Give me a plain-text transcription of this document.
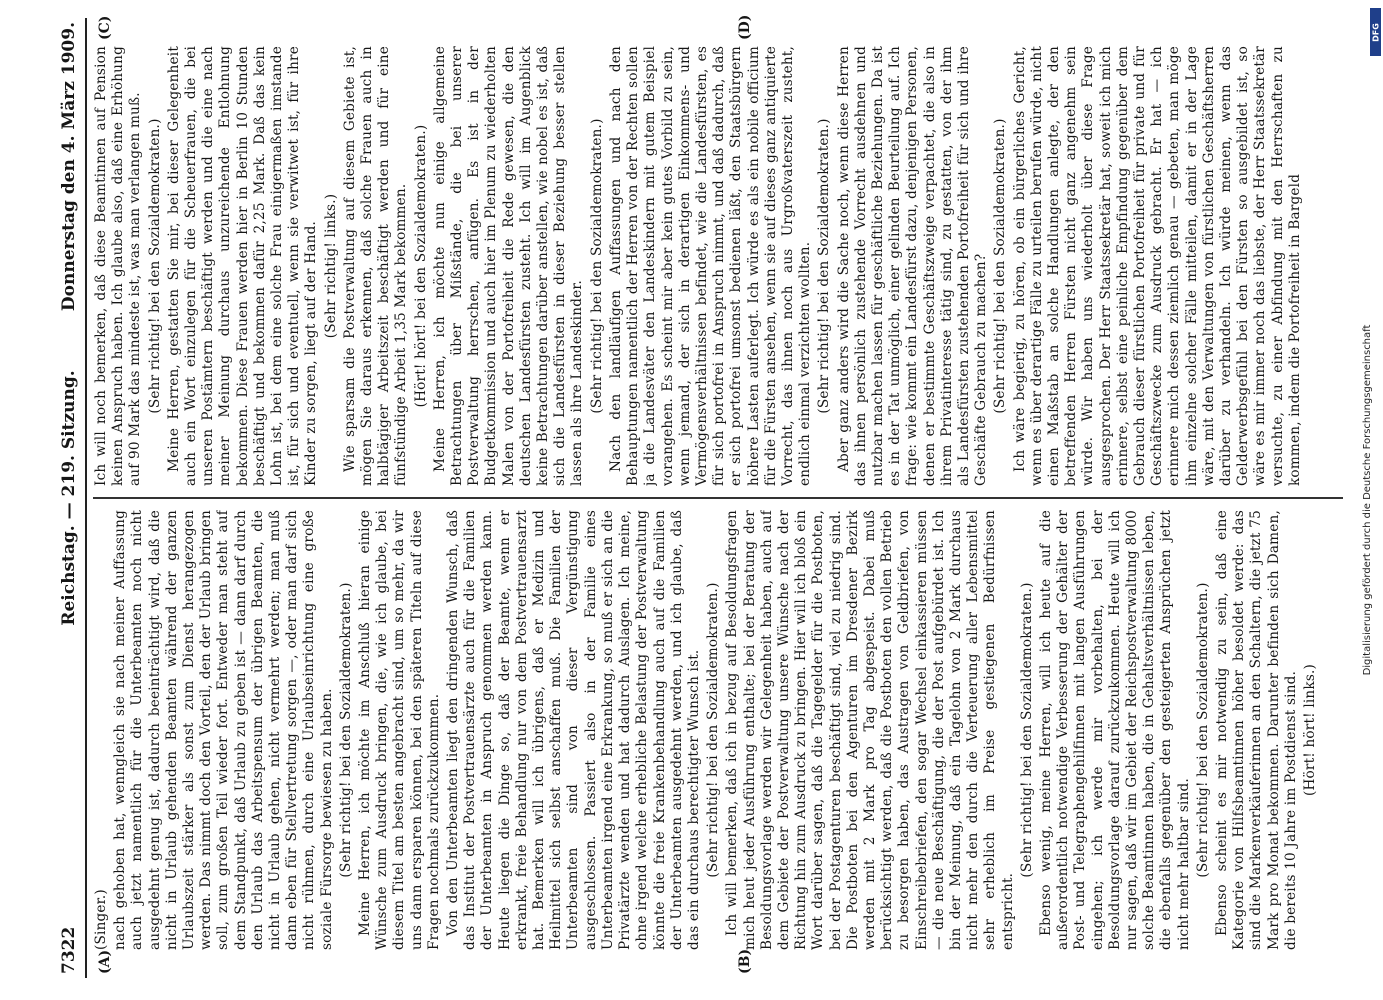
7322
Reichstag. — 219. Sitzung.
Donnerstag den 4. März 1909.
(A)	(B)
(C)	(D)

(Singer.) nach gehoben hat, wenngleich sie nach meiner Auffassung auch jetzt namentlich für die Unterbeamten noch nicht ausgedehnt genug ist, dadurch beeinträchtigt wird, daß die nicht in Urlaub gehenden Beamten während der ganzen Urlaubszeit stärker als sonst zum Dienst herangezogen werden. Das nimmt doch den Vorteil, den der Urlaub bringen soll, zum großen Teil wieder fort. Entweder man steht auf dem Standpunkt, daß Urlaub zu geben ist — dann darf durch den Urlaub das Arbeitspensum der übrigen Beamten, die nicht in Urlaub gehen, nicht vermehrt werden; man muß dann eben für Stellvertretung sorgen —, oder man darf sich nicht rühmen, durch eine Urlaubseinrichtung eine große soziale Fürsorge bewiesen zu haben. (Sehr richtig! bei den Sozialdemokraten.) Meine Herren, ich möchte im Anschluß hieran einige Wünsche zum Ausdruck bringen, die, wie ich glaube, bei diesem Titel am besten angebracht sind, um so mehr, da wir uns dann ersparen können, bei den späteren Titeln auf diese Fragen nochmals zurückzukommen. Von den Unterbeamten liegt den dringenden Wunsch, daß das Institut der Postvertrauensärzte auch für die Familien der Unterbeamten in Anspruch genommen werden kann. Heute liegen die Dinge so, daß der Beamte, wenn er erkrankt, freie Behandlung nur von dem Postvertrauensarzt hat. Bemerken will ich übrigens, daß er Medizin und Heilmittel sich selbst anschaffen muß. Die Familien der Unterbeamten sind von dieser Vergünstigung ausgeschlossen. Passiert also in der Familie eines Unterbeamten irgend eine Erkrankung, so muß er sich an die Privatärzte wenden und hat dadurch Auslagen. Ich meine, ohne irgend welche erhebliche Belastung der Postverwaltung könnte die freie Krankenbehandlung auch auf die Familien der Unterbeamten ausgedehnt werden, und ich glaube, daß das ein durchaus berechtigter Wunsch ist. (Sehr richtig! bei den Sozialdemokraten.) Ich will bemerken, daß ich in bezug auf Besoldungsfragen mich heut jeder Ausführung enthalte; bei der Beratung der Besoldungsvorlage werden wir Gelegenheit haben, auch auf dem Gebiete der Postverwaltung unsere Wünsche nach der Richtung hin zum Ausdruck zu bringen. Hier will ich bloß ein Wort darüber sagen, daß die Tagegelder für die Postboten, bei der Postagenturen beschäftigt sind, viel zu niedrig sind. Die Postboten bei den Agenturen im Dresdener Bezirk werden mit 2 Mark pro Tag abgespeist. Dabei muß berücksichtigt werden, daß die Postboten den vollen Betrieb zu besorgen haben, das Austragen von Geldbriefen, von Einschreibebriefen, den sogar Wechsel einkassieren müssen — die neue Beschäftigung, die der Post aufgebürdet ist. Ich bin der Meinung, daß ein Tagelohn von 2 Mark durchaus nicht mehr den durch die Verteuerung aller Lebensmittel sehr erheblich im Preise gestiegenen Bedürfnissen entspricht.

(Sehr richtig! bei den Sozialdemokraten.) Ebenso wenig, meine Herren, will ich heute auf die außerordentlich notwendige Verbesserung der Gehälter der Post- und Telegraphengehilfinnen mit langen Ausführungen eingehen; ich werde mir vorbehalten, bei der Besoldungsvorlage darauf zurückzukommen. Heute will ich nur sagen, daß wir im Gebiet der Reichspostverwaltung 8000 solche Beamtinnen haben, die in Gehaltsverhältnissen leben, die ebenfalls gegenüber den gesteigerten Ansprüchen jetzt nicht mehr haltbar sind. (Sehr richtig! bei den Sozialdemokraten.) Ebenso scheint es mir notwendig zu sein, daß eine Kategorie von Hilfsbeamtinnen höher besoldet werde: das sind die Markenverkäuferinnen an den Schaltern, die jetzt 75 Mark pro Monat bekommen. Darunter befinden sich Damen, die bereits 10 Jahre im Postdienst sind. (Hört! hört! links.)

Ich will noch bemerken, daß diese Beamtinnen auf Pension keinen Anspruch haben. Ich glaube also, daß eine Erhöhung auf 90 Mark das mindeste ist, was man verlangen muß. (Sehr richtig! bei den Sozialdemokraten.) Meine Herren, gestatten Sie mir, bei dieser Gelegenheit auch ein Wort einzulegen für die Scheuerfrauen, die bei unseren Postämtern beschäftigt werden und die eine nach meiner Meinung durchaus unzureichende Entlohnung bekommen. Diese Frauen werden hier in Berlin 10 Stunden beschäftigt und bekommen dafür 2,25 Mark. Daß das kein Lohn ist, bei dem eine solche Frau einigermaßen imstande ist, für sich und eventuell, wenn sie verwitwet ist, für ihre Kinder zu sorgen, liegt auf der Hand. (Sehr richtig! links.) Wie sparsam die Postverwaltung auf diesem Gebiete ist, mögen Sie daraus erkennen, daß solche Frauen auch in halbtägiger Arbeitszeit beschäftigt werden und für eine fünfstündige Arbeit 1,35 Mark bekommen. (Hört! hört! bei den Sozialdemokraten.) Meine Herren, ich möchte nun einige allgemeine Betrachtungen über Mißstände, die bei unserer Postverwaltung herrschen, anfügen. Es ist in der Budgetkommission und auch hier im Plenum zu wiederholten Malen von der Portofreiheit die Rede gewesen, die den deutschen Landesfürsten zusteht. Ich will im Augenblick keine Betrachtungen darüber anstellen, wie nobel es ist, daß sich die Landesfürsten in dieser Beziehung besser stellen lassen als ihre Landeskinder. (Sehr richtig! bei den Sozialdemokraten.) Nach den landläufigen Auffassungen und nach den Behauptungen namentlich der Herren von der Rechten sollen ja die Landesväter den Landeskindern mit gutem Beispiel vorangehen. Es scheint mir aber kein gutes Vorbild zu sein, wenn jemand, der sich in derartigen Einkommens- und Vermögensverhältnissen befindet, wie die Landesfürsten, es für sich portofrei in Anspruch nimmt, und daß dadurch, daß er sich portofrei umsonst bedienen läßt, den Staatsbürgern höhere Lasten auferlegt. Ich würde es als ein nobile officium für die Fürsten ansehen, wenn sie auf dieses ganz antiquierte Vorrecht, das ihnen noch aus Urgroßvaterszeit zusteht, endlich einmal verzichten wollten. (Sehr richtig! bei den Sozialdemokraten.) Aber ganz anders wird die Sache noch, wenn diese Herren das ihnen persönlich zustehende Vorrecht ausdehnen und nutzbar machen lassen für geschäftliche Beziehungen. Da ist es in der Tat unmöglich, einer gelinden Beurteilung auf. Ich frage: wie kommt ein Landesfürst dazu, denjenigen Personen, denen er bestimmte Geschäftszweige verpachtet, die also in ihrem Privatinteresse tätig sind, zu gestatten, von der ihm als Landesfürsten zustehenden Portofreiheit für sich und ihre Geschäfte Gebrauch zu machen? (Sehr richtig! bei den Sozialdemokraten.) Ich wäre begierig, zu hören, ob ein bürgerliches Gericht, wenn es über derartige Fälle zu urteilen berufen würde, nicht einen Maßstab an solche Handlungen anlegte, der den betreffenden Herren Fürsten nicht ganz angenehm sein würde. Wir haben uns wiederholt über diese Frage ausgesprochen. Der Herr Staatssekretär hat, soweit ich mich erinnere, selbst eine peinliche Empfindung gegenüber dem Gebrauch dieser fürstlichen Portofreiheit für private und für Geschäftszwecke zum Ausdruck gebracht. Er hat — ich erinnere mich dessen ziemlich genau — gebeten, man möge ihm einzelne solcher Fälle mitteilen, damit er in der Lage wäre, mit den Verwaltungen von fürstlichen Geschäftsherren darüber zu verhandeln. Ich würde meinen, wenn das Gelderwerbsgefühl bei den Fürsten so ausgebildet ist, so wäre es mir immer noch das liebste, der Herr Staatssekretär versuchte, zu einer Abfindung mit den Herrschaften zu kommen, indem die Portofreiheit in Bargeld	Digitalisierung gefördert durch die Deutsche Forschungsgemeinschaft
DFG
